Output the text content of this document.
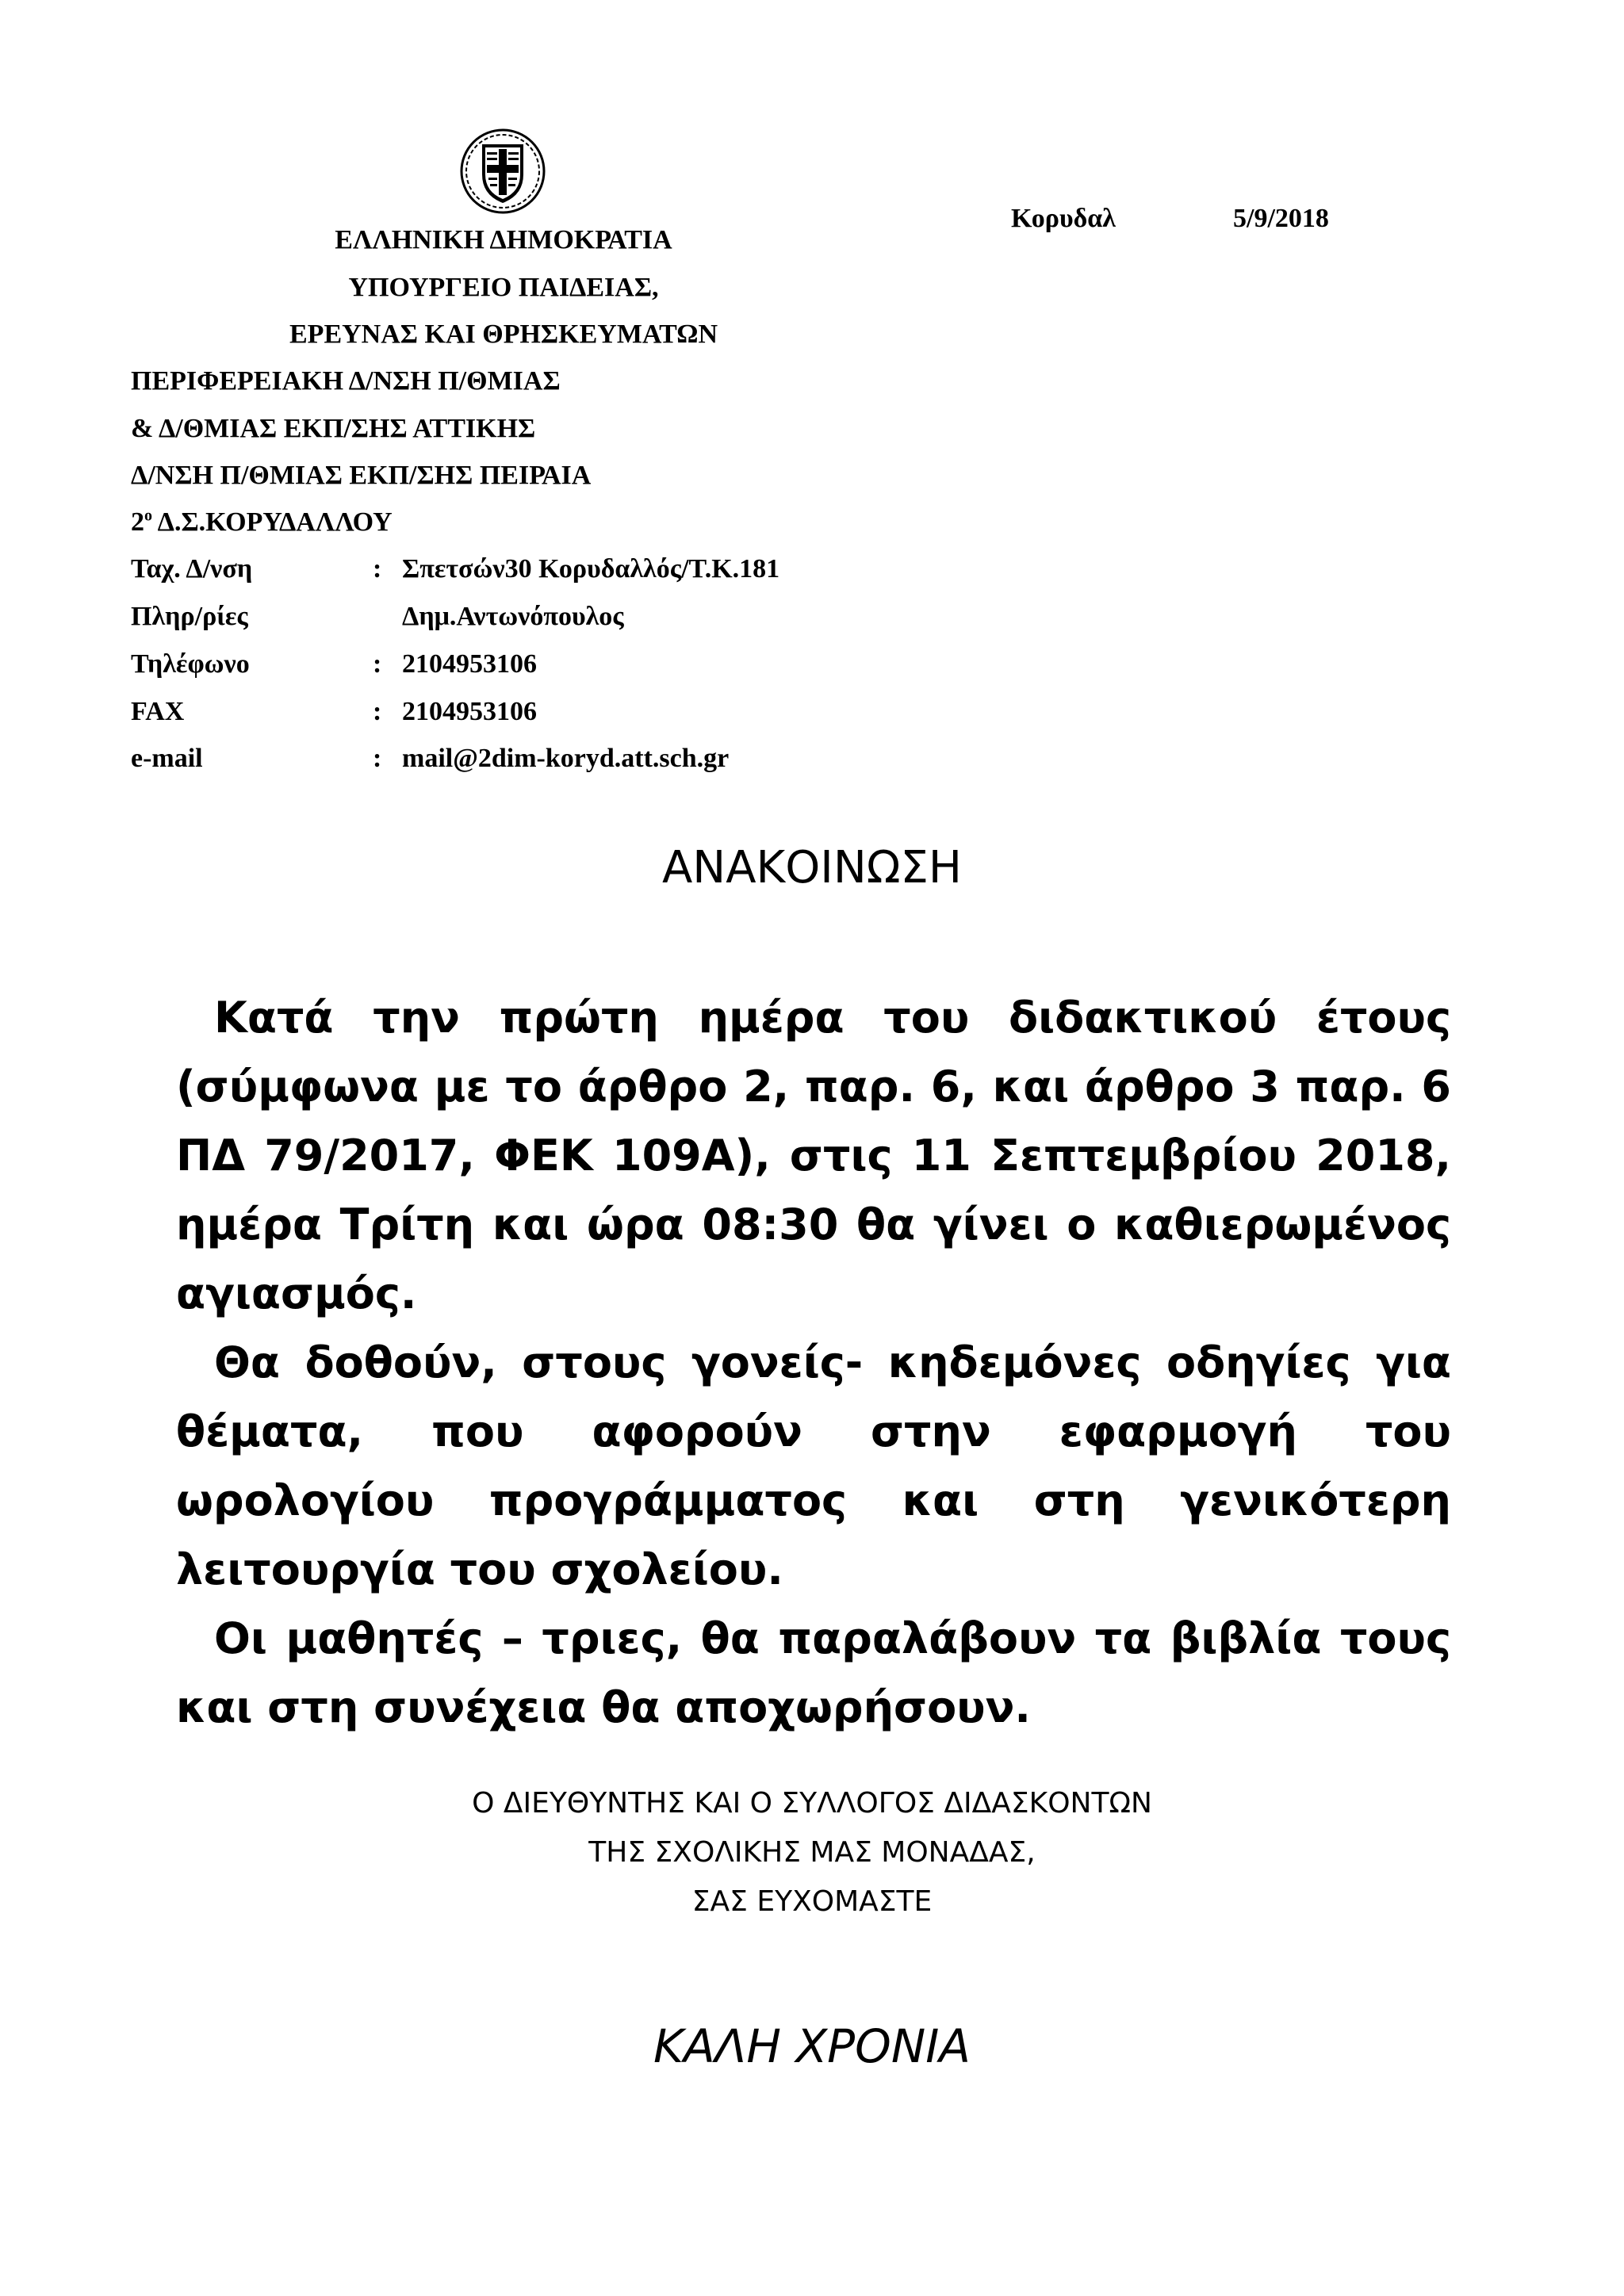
Κορυδαλ	5/9/2018
ΕΛΛΗΝΙΚΗ ΔΗΜΟΚΡΑΤΙΑ
ΥΠΟΥΡΓΕΙΟ ΠΑΙΔΕΙΑΣ,
ΕΡΕΥΝΑΣ ΚΑΙ ΘΡΗΣΚΕΥΜΑΤΩΝ
ΠΕΡΙΦΕΡΕΙΑΚΗ Δ/ΝΣΗ Π/ΘΜΙΑΣ
& Δ/ΘΜΙΑΣ ΕΚΠ/ΣΗΣ ΑΤΤΙΚΗΣ
Δ/ΝΣΗ Π/ΘΜΙΑΣ ΕΚΠ/ΣΗΣ ΠΕΙΡΑΙΑ
$2^o$ Δ.Σ.ΚΟΡΥΔΑΛΛΟΥ
Ταχ. Δ/νση	: Σπετσών30 Κορυδαλλός/Τ.Κ.181
Πληρ/ρίες	Δημ.Αντωνόπουλος
Τηλέφωνο	: 2104953106
FAX	: 2104953106
e-mail	: mail@2dim-koryd.att.sch.gr
ΑΝΑΚΟΙΝΩΣΗ

Κατά την πρώτη ημέρα του διδακτικού έτους (σύμφωνα με το άρθρο 2, παρ. 6, και άρθρο 3 παρ. 6 ΠΔ 79/2017, ΦΕΚ 109Α), στις 11 Σεπτεμβρίου 2018, ημέρα Τρίτη και ώρα 08:30 θα γίνει ο καθιερωμένος αγιασμός.

Θα δοθούν, στους γονείς- κηδεμόνες οδηγίες για θέματα, που αφορούν στην εφαρμογή του ωρολογίου προγράμματος και στη γενικότερη λειτουργία του σχολείου.

Οι μαθητές – τριες, θα παραλάβουν τα βιβλία τους και στη συνέχεια θα αποχωρήσουν.

Ο ΔΙΕΥΘΥΝΤΗΣ ΚΑΙ Ο ΣΥΛΛΟΓΟΣ ΔΙΔΑΣΚΟΝΤΩΝ
ΤΗΣ ΣΧΟΛΙΚΗΣ ΜΑΣ ΜΟΝΑΔΑΣ,
ΣΑΣ ΕΥΧΟΜΑΣΤΕ
ΚΑΛΗ ΧΡΟΝΙΑ
